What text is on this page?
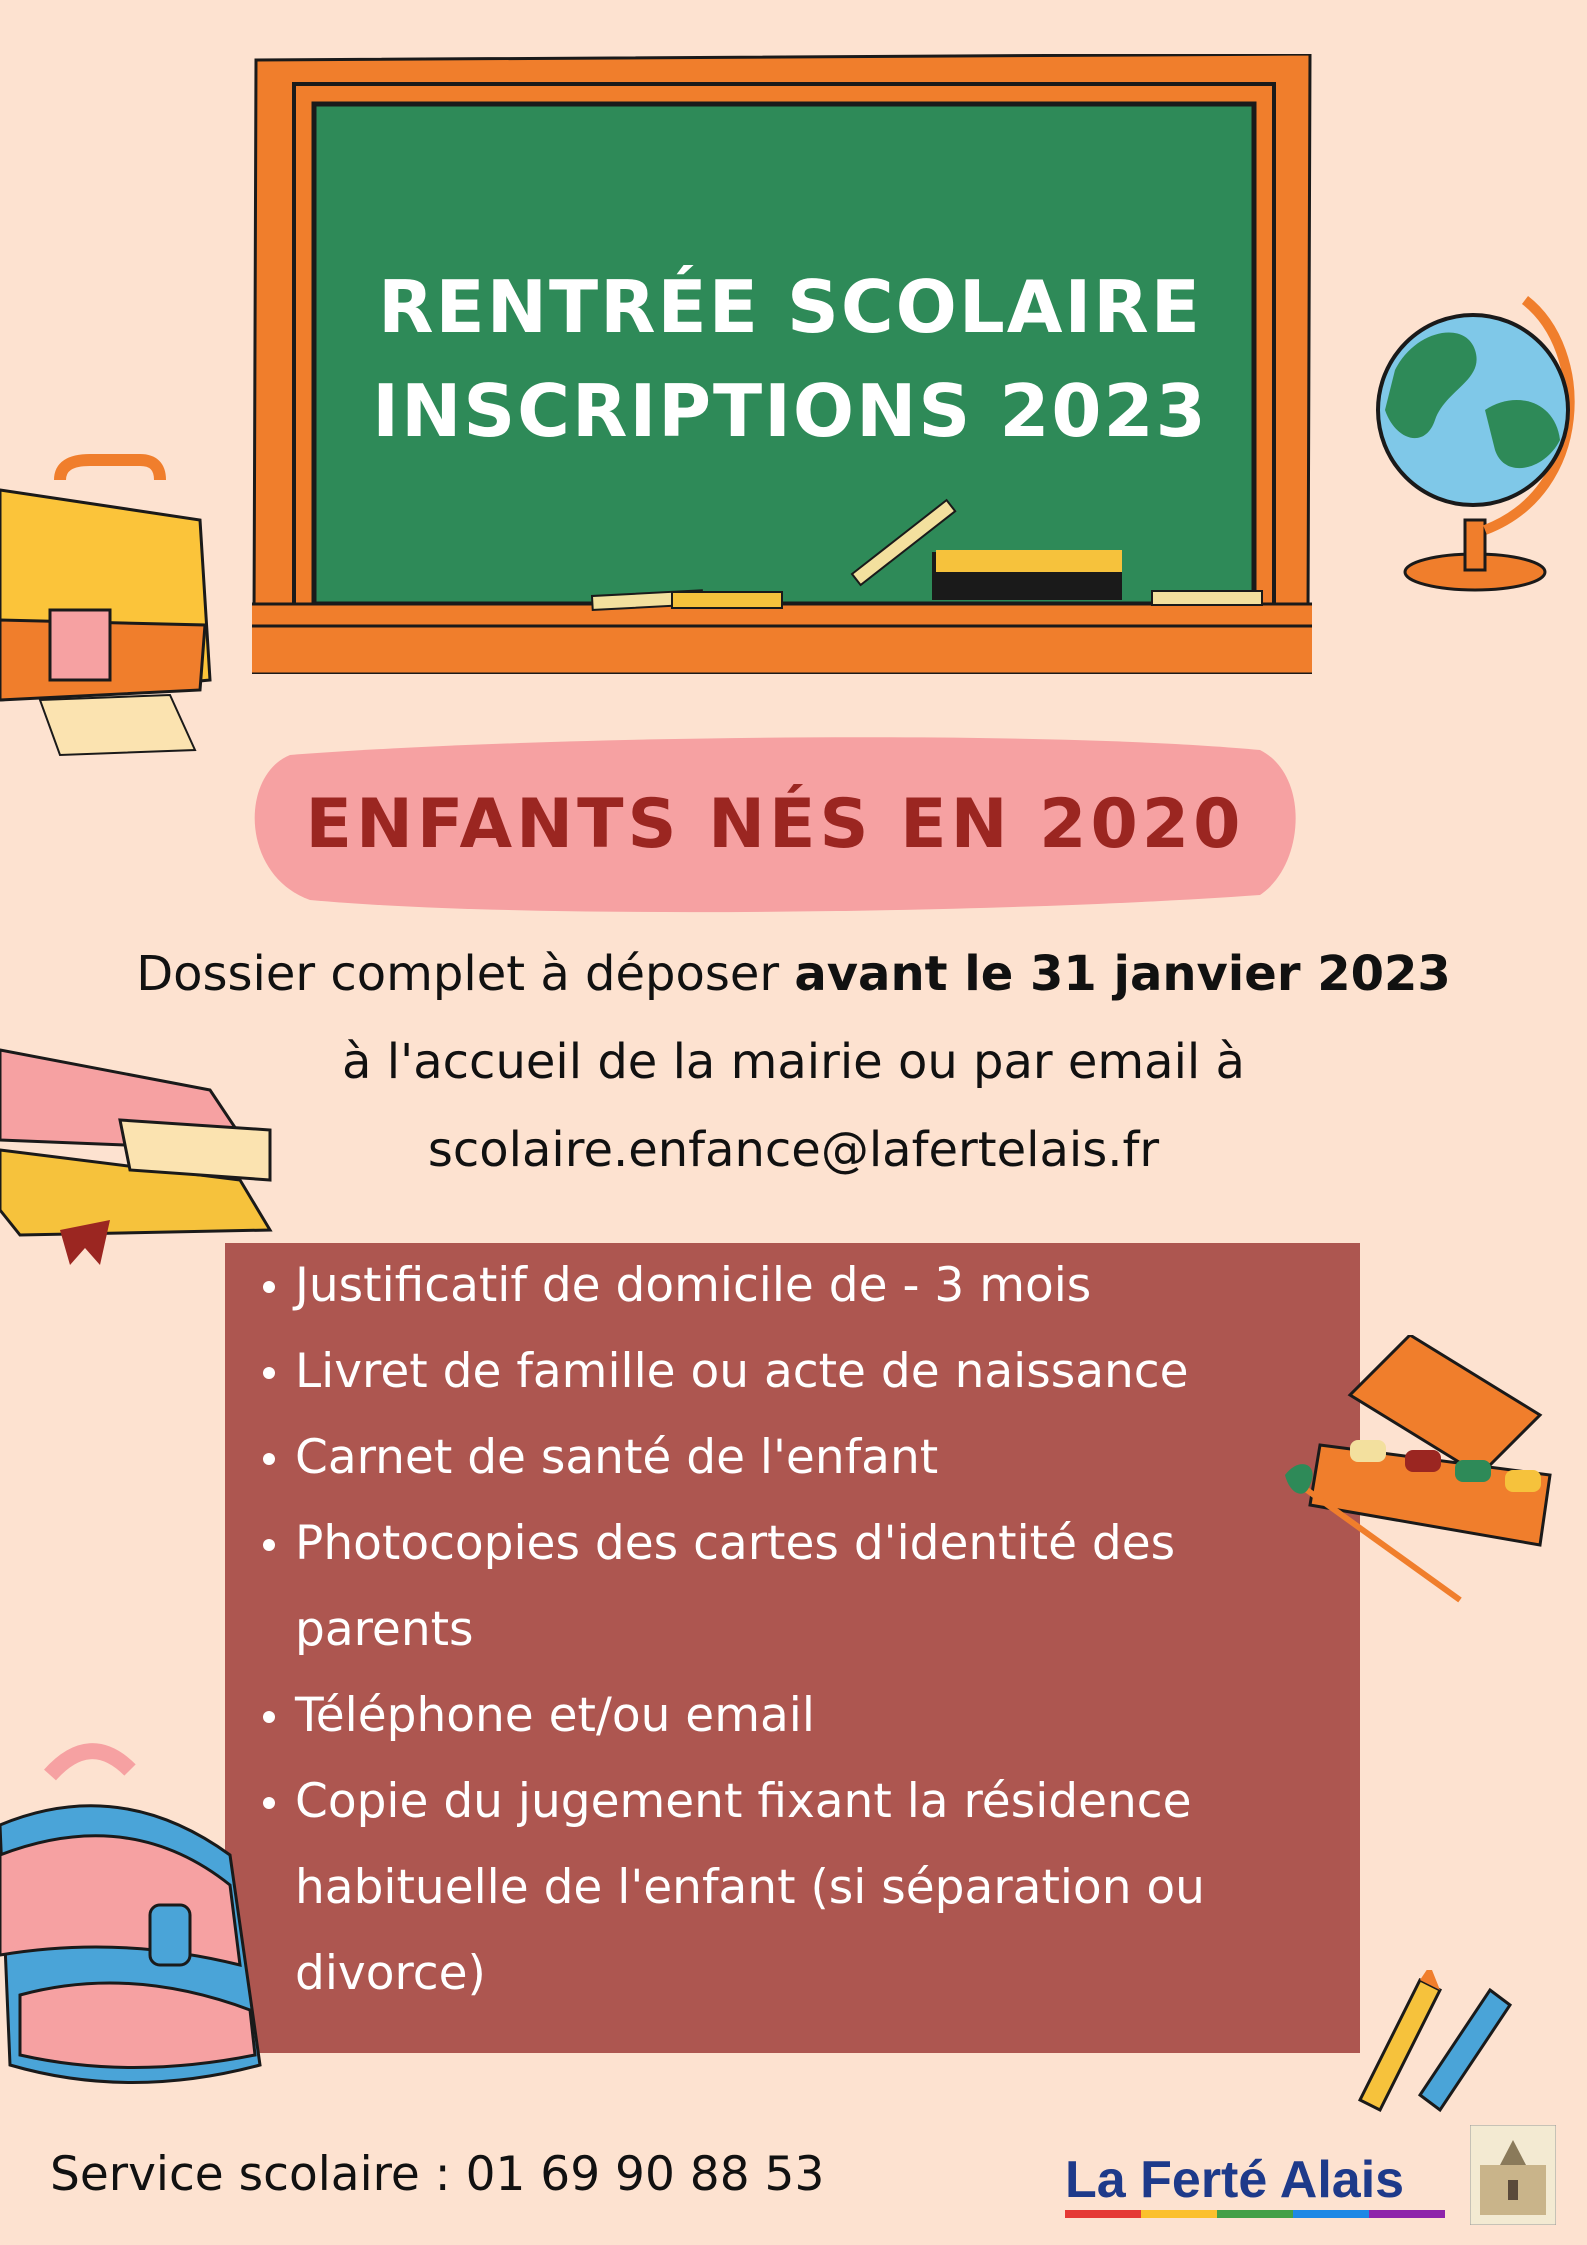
RENTRÉE SCOLAIRE
INSCRIPTIONS 2023
ENFANTS NÉS EN 2020
Dossier complet à déposer avant le 31 janvier 2023
à l'accueil de la mairie ou par email à
scolaire.enfance@lafertelais.fr
Justificatif de domicile de - 3 mois
Livret de famille ou acte de naissance
Carnet de santé de l'enfant
Photocopies des cartes d'identité des parents
Téléphone et/ou email
Copie du jugement fixant la résidence habituelle de l'enfant (si séparation ou divorce)
Service scolaire : 01 69 90 88 53	La Ferté Alais
